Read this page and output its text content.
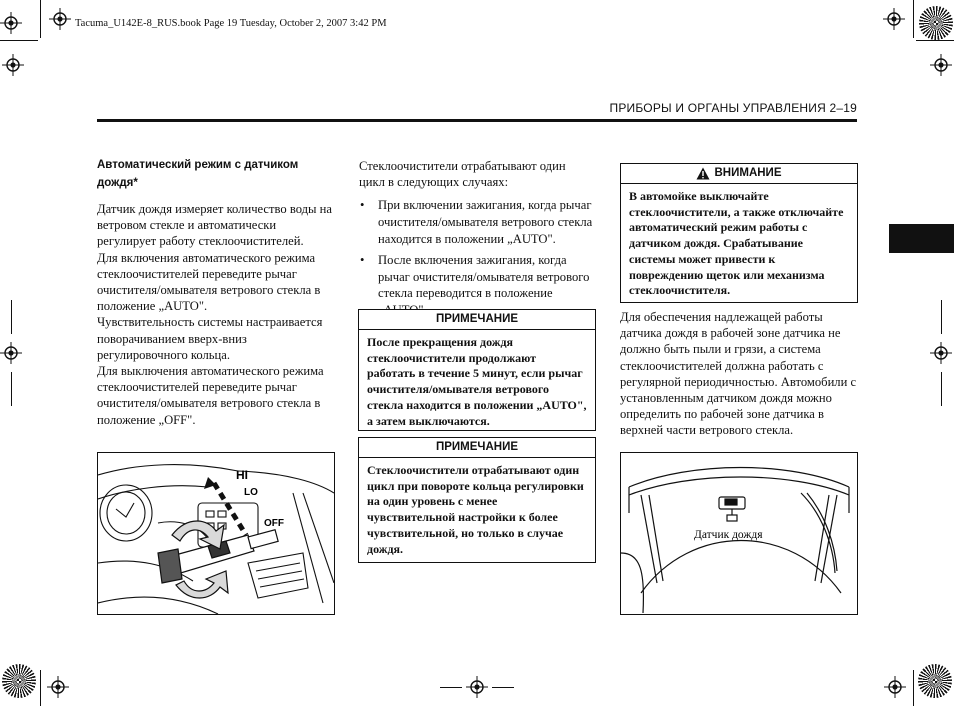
Tacuma_U142E-8_RUS.book Page 19 Tuesday, October 2, 2007 3:42 PM
ПРИБОРЫ И ОРГАНЫ УПРАВЛЕНИЯ 2–19
Автоматический режим с датчиком дождя*

Датчик дождя измеряет количество воды на ветровом стекле и автоматически регулирует работу стеклоочистителей.

Для включения автоматического режима стеклоочистителей переведите рычаг очистителя/омывателя ветрового стекла в положение „AUTO".

Чувствительность системы настраивается поворачиванием вверх-вниз регулировочного кольца.

Для выключения автоматического режима стеклоочистителей переведите рычаг очистителя/омывателя ветрового стекла в положение „OFF".

HI
LO
OFF

Стеклоочистители отрабатывают один цикл в следующих случаях:

• При включении зажигания, когда рычаг очистителя/омывателя ветрового стекла находится в положении „AUTO".
• После включения зажигания, когда рычаг очистителя/омывателя ветрового стекла переводится в положение
ПРИМЕЧАНИЕ
После прекращения дождя стеклоочистители продолжают работать в течение 5 минут, если рычаг очистителя/омывателя ветрового стекла находится в положении „AUTO", а затем выключаются.
ПРИМЕЧАНИЕ
Стеклоочистители отрабатывают один цикл при повороте кольца регулировки на один уровень с менее чувствительной настройки к более чувствительной, но только в случае дождя.
ВНИМАНИЕ
В автомойке выключайте стеклоочистители, а также отключайте автоматический режим работы с датчиком дождя. Срабатывание системы может привести к повреждению щеток или механизма стеклоочистителя.

Для обеспечения надлежащей работы датчика дождя в рабочей зоне датчика не должно быть пыли и грязи, а система стеклоочистителей должна работать с регулярной периодичностью. Автомобили с установленным датчиком дождя можно определить по рабочей зоне датчика в верхней части ветрового стекла.

Датчик дождя
